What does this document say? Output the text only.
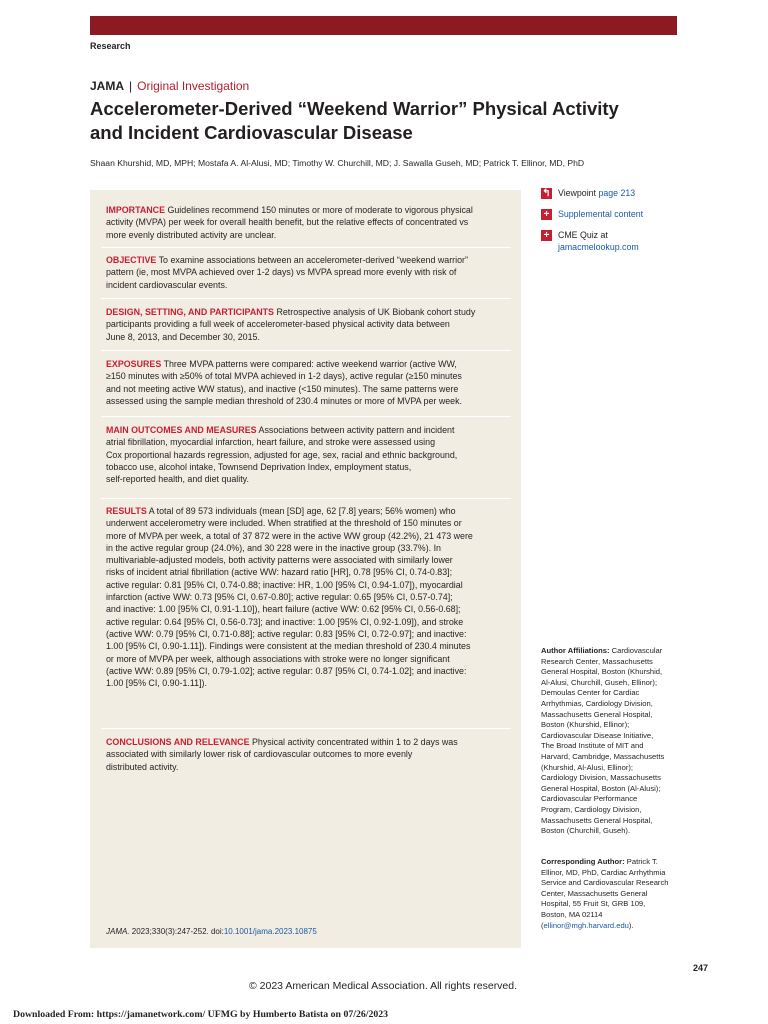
Research
JAMA | Original Investigation
Accelerometer-Derived “Weekend Warrior” Physical Activity
and Incident Cardiovascular Disease
Shaan Khurshid, MD, MPH; Mostafa A. Al-Alusi, MD; Timothy W. Churchill, MD; J. Sawalla Guseh, MD; Patrick T. Ellinor, MD, PhD

IMPORTANCE Guidelines recommend 150 minutes or more of moderate to vigorous physical
activity (MVPA) per week for overall health benefit, but the relative effects of concentrated vs
more evenly distributed activity are unclear.

OBJECTIVE To examine associations between an accelerometer-derived “weekend warrior”
pattern (ie, most MVPA achieved over 1-2 days) vs MVPA spread more evenly with risk of
incident cardiovascular events.

DESIGN, SETTING, AND PARTICIPANTS Retrospective analysis of UK Biobank cohort study
participants providing a full week of accelerometer-based physical activity data between
June 8, 2013, and December 30, 2015.

EXPOSURES Three MVPA patterns were compared: active weekend warrior (active WW,
≥150 minutes with ≥50% of total MVPA achieved in 1-2 days), active regular (≥150 minutes
and not meeting active WW status), and inactive (<150 minutes). The same patterns were
assessed using the sample median threshold of 230.4 minutes or more of MVPA per week.

MAIN OUTCOMES AND MEASURES Associations between activity pattern and incident
atrial fibrillation, myocardial infarction, heart failure, and stroke were assessed using
Cox proportional hazards regression, adjusted for age, sex, racial and ethnic background,
tobacco use, alcohol intake, Townsend Deprivation Index, employment status,
self-reported health, and diet quality.

RESULTS A total of 89 573 individuals (mean [SD] age, 62 [7.8] years; 56% women) who
underwent accelerometry were included. When stratified at the threshold of 150 minutes or
more of MVPA per week, a total of 37 872 were in the active WW group (42.2%), 21 473 were
in the active regular group (24.0%), and 30 228 were in the inactive group (33.7%). In
multivariable-adjusted models, both activity patterns were associated with similarly lower
risks of incident atrial fibrillation (active WW: hazard ratio [HR], 0.78 [95% CI, 0.74-0.83];
active regular: 0.81 [95% CI, 0.74-0.88; inactive: HR, 1.00 [95% CI, 0.94-1.07]), myocardial
infarction (active WW: 0.73 [95% CI, 0.67-0.80]; active regular: 0.65 [95% CI, 0.57-0.74];
and inactive: 1.00 [95% CI, 0.91-1.10]), heart failure (active WW: 0.62 [95% CI, 0.56-0.68];
active regular: 0.64 [95% CI, 0.56-0.73]; and inactive: 1.00 [95% CI, 0.92-1.09]), and stroke
(active WW: 0.79 [95% CI, 0.71-0.88]; active regular: 0.83 [95% CI, 0.72-0.97]; and inactive:
1.00 [95% CI, 0.90-1.11]). Findings were consistent at the median threshold of 230.4 minutes
or more of MVPA per week, although associations with stroke were no longer significant
(active WW: 0.89 [95% CI, 0.79-1.02]; active regular: 0.87 [95% CI, 0.74-1.02]; and inactive:
1.00 [95% CI, 0.90-1.11]).

CONCLUSIONS AND RELEVANCE Physical activity concentrated within 1 to 2 days was
associated with similarly lower risk of cardiovascular outcomes to more evenly
distributed activity.

JAMA. 2023;330(3):247-252. doi:10.1001/jama.2023.10875
↰ Viewpoint page 213
+ Supplemental content
+ CME Quiz at
jamacmelookup.com
Author Affiliations: Cardiovascular
Research Center, Massachusetts
General Hospital, Boston (Khurshid,
Al-Alusi, Churchill, Guseh, Ellinor);
Demoulas Center for Cardiac
Arrhythmias, Cardiology Division,
Massachusetts General Hospital,
Boston (Khurshid, Ellinor);
Cardiovascular Disease Initiative,
The Broad Institute of MIT and
Harvard, Cambridge, Massachusetts
(Khurshid, Al-Alusi, Ellinor);
Cardiology Division, Massachusetts
General Hospital, Boston (Al-Alusi);
Cardiovascular Performance
Program, Cardiology Division,
Massachusetts General Hospital,
Boston (Churchill, Guseh).
Corresponding Author: Patrick T.
Ellinor, MD, PhD, Cardiac Arrhythmia
Service and Cardiovascular Research
Center, Massachusetts General
Hospital, 55 Fruit St, GRB 109,
Boston, MA 02114
(ellinor@mgh.harvard.edu).
247
© 2023 American Medical Association. All rights reserved.
Downloaded From: https://jamanetwork.com/ UFMG by Humberto Batista on 07/26/2023
